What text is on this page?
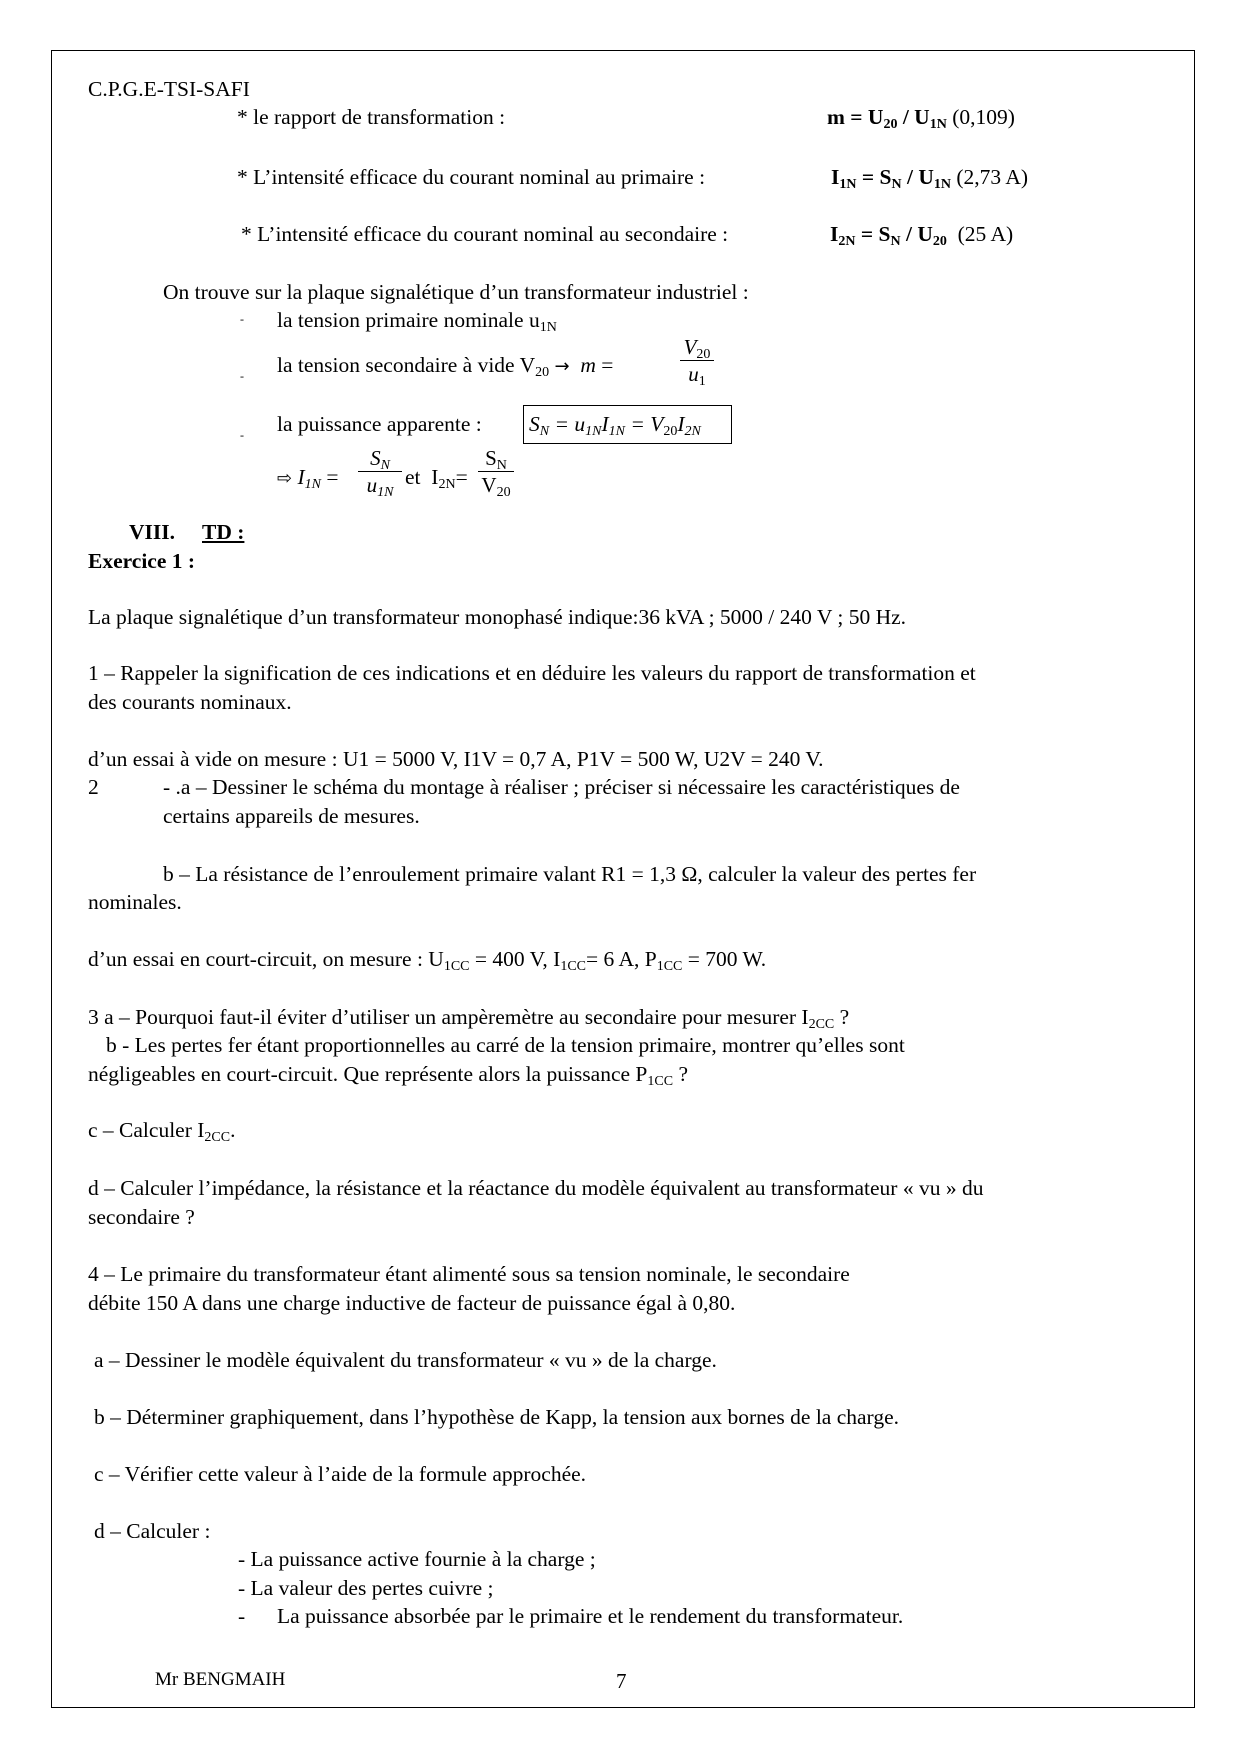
C.P.G.E-TSI-SAFI
* le rapport de transformation :	$m = U_{20} / U_{1N}$ (0,109)
* L’intensité efficace du courant nominal au primaire :	$I_{1N} = S_N / U_{1N}$ (2,73 A)
* L’intensité efficace du courant nominal au secondaire :	$I_{2N} = S_N / U_{20}$ (25 A)
On trouve sur la plaque signalétique d’un transformateur industriel :
- la tension primaire nominale $u_{1N}$
- la tension secondaire à vide $V_{20} \to m$ =
$V_{20}$
$u_1$
- la puissance apparente : $S_N = u_{1N}I_{1N} = V_{20}I_{2N}$
⇨ $I_{1N}$ =
$S_N$
$u_{1N}$
et  $I_{2N}=$
$S_N$
$V_{20}$
VIII. TD :
Exercice 1 :
La plaque signalétique d’un transformateur monophasé indique:36 kVA ; 5000 / 240 V ; 50 Hz.
1 – Rappeler la signification de ces indications et en déduire les valeurs du rapport de transformation et
des courants nominaux.
d’un essai à vide on mesure : U1 = 5000 V, I1V = 0,7 A, P1V = 500 W, U2V = 240 V.
2	- .a – Dessiner le schéma du montage à réaliser ; préciser si nécessaire les caractéristiques de
certains appareils de mesures.
b – La résistance de l’enroulement primaire valant R1 = 1,3 Ω, calculer la valeur des pertes fer
nominales.
d’un essai en court-circuit, on mesure : $U_{1CC} = 400$ V, $I_{1CC}= 6$ A, $P_{1CC} = 700$ W.
3 a – Pourquoi faut-il éviter d’utiliser un ampèremètre au secondaire pour mesurer $I_{2CC}$ ?
b - Les pertes fer étant proportionnelles au carré de la tension primaire, montrer qu’elles sont
négligeables en court-circuit. Que représente alors la puissance $P_{1CC}$ ?
c – Calculer $I_{2CC}$.
d – Calculer l’impédance, la résistance et la réactance du modèle équivalent au transformateur « vu » du
secondaire ?
4 – Le primaire du transformateur étant alimenté sous sa tension nominale, le secondaire
débite 150 A dans une charge inductive de facteur de puissance égal à 0,80.
a – Dessiner le modèle équivalent du transformateur « vu » de la charge.
b – Déterminer graphiquement, dans l’hypothèse de Kapp, la tension aux bornes de la charge.
c – Vérifier cette valeur à l’aide de la formule approchée.
d – Calculer :
- La puissance active fournie à la charge ;
- La valeur des pertes cuivre ;
- La puissance absorbée par le primaire et le rendement du transformateur.
Mr BENGMAIH	7
